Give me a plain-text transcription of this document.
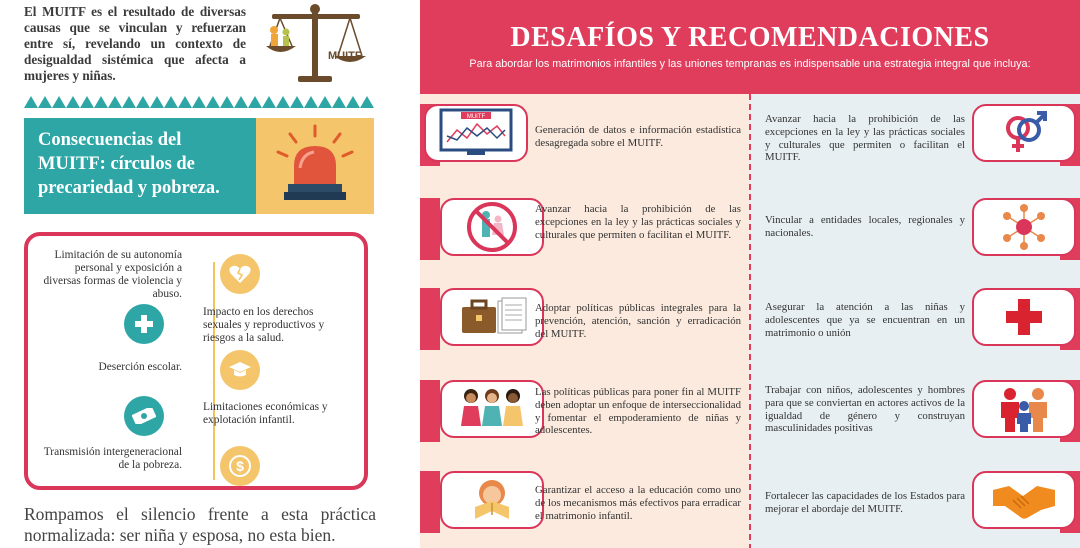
El MUITF es el resultado de diversas causas que se vinculan y refuerzan entre sí, revelando un contexto de desigualdad sistémica que afecta a mujeres y niñas.
MUITF
Consecuencias del MUITF: círculos de precariedad y pobreza.
Limitación de su autonomía personal y exposición a diversas formas de violencia y abuso.
Impacto en los derechos sexuales y reproductivos y riesgos a la salud.
Deserción escolar.
Limitaciones económicas y explotación infantil.
Transmisión intergeneracional de la pobreza.	$
Rompamos el silencio frente a esta práctica normalizada: ser niña y esposa, no esta bien.
DESAFÍOS Y RECOMENDACIONES
Para abordar los matrimonios infantiles y las uniones tempranas es indispensable una estrategia integral que incluya:
MUITF
Generación de datos e información estadística desagregada sobre el MUITF.
Avanzar hacia la prohibición de las excepciones en la ley y las prácticas sociales y culturales que permiten o facilitan el MUITF.
Adoptar políticas públicas integrales para la prevención, atención, sanción y erradicación del MUITF.
Las políticas públicas para poner fin al MUITF deben adoptar un enfoque de interseccionalidad y fomentar el empoderamiento de niñas y adolescentes.
Garantizar el acceso a la educación como uno de los mecanismos más efectivos para erradicar el matrimonio infantil.
Avanzar hacia la prohibición de las excepciones en la ley y las prácticas sociales y culturales que permiten o facilitan el MUITF.
Vincular a entidades locales, regionales y nacionales.
Asegurar la atención a las niñas y adolescentes que ya se encuentran en un matrimonio o unión
Trabajar con niños, adolescentes y hombres para que se conviertan en actores activos de la igualdad de género y construyan masculinidades positivas
Fortalecer las capacidades de los Estados para mejorar el abordaje del MUITF.
